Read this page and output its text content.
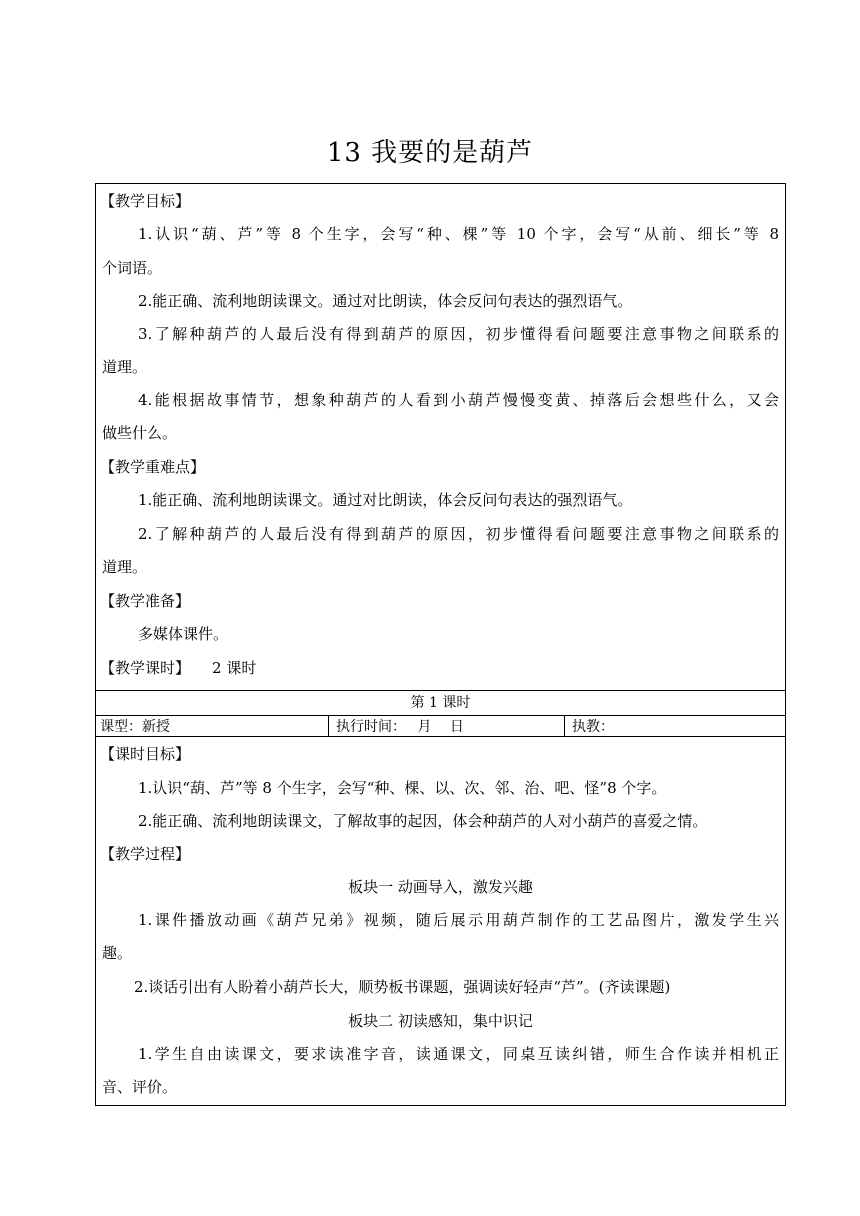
13 我要的是葫芦
【教学目标】
1.认识“葫、芦”等 8 个生字，会写“种、棵”等 10 个字，会写“从前、细长”等 8
个词语。
2.能正确、流利地朗读课文。通过对比朗读，体会反问句表达的强烈语气。
3.了解种葫芦的人最后没有得到葫芦的原因，初步懂得看问题要注意事物之间联系的
道理。
4.能根据故事情节，想象种葫芦的人看到小葫芦慢慢变黄、掉落后会想些什么，又会
做些什么。
【教学重难点】
1.能正确、流利地朗读课文。通过对比朗读，体会反问句表达的强烈语气。
2.了解种葫芦的人最后没有得到葫芦的原因，初步懂得看问题要注意事物之间联系的
道理。
【教学准备】
多媒体课件。
【教学课时】 2 课时
第 1 课时
课型：新授	执行时间：　 月　 日	执教：
【课时目标】
1.认识“葫、芦”等 8 个生字，会写“种、棵、以、次、邻、治、吧、怪”8 个字。
2.能正确、流利地朗读课文，了解故事的起因，体会种葫芦的人对小葫芦的喜爱之情。
【教学过程】
板块一 动画导入，激发兴趣
1.课件播放动画《葫芦兄弟》视频，随后展示用葫芦制作的工艺品图片，激发学生兴
趣。
2.谈话引出有人盼着小葫芦长大，顺势板书课题，强调读好轻声“芦”。(齐读课题)
板块二 初读感知，集中识记
1.学生自由读课文，要求读准字音，读通课文，同桌互读纠错，师生合作读并相机正
音、评价。
